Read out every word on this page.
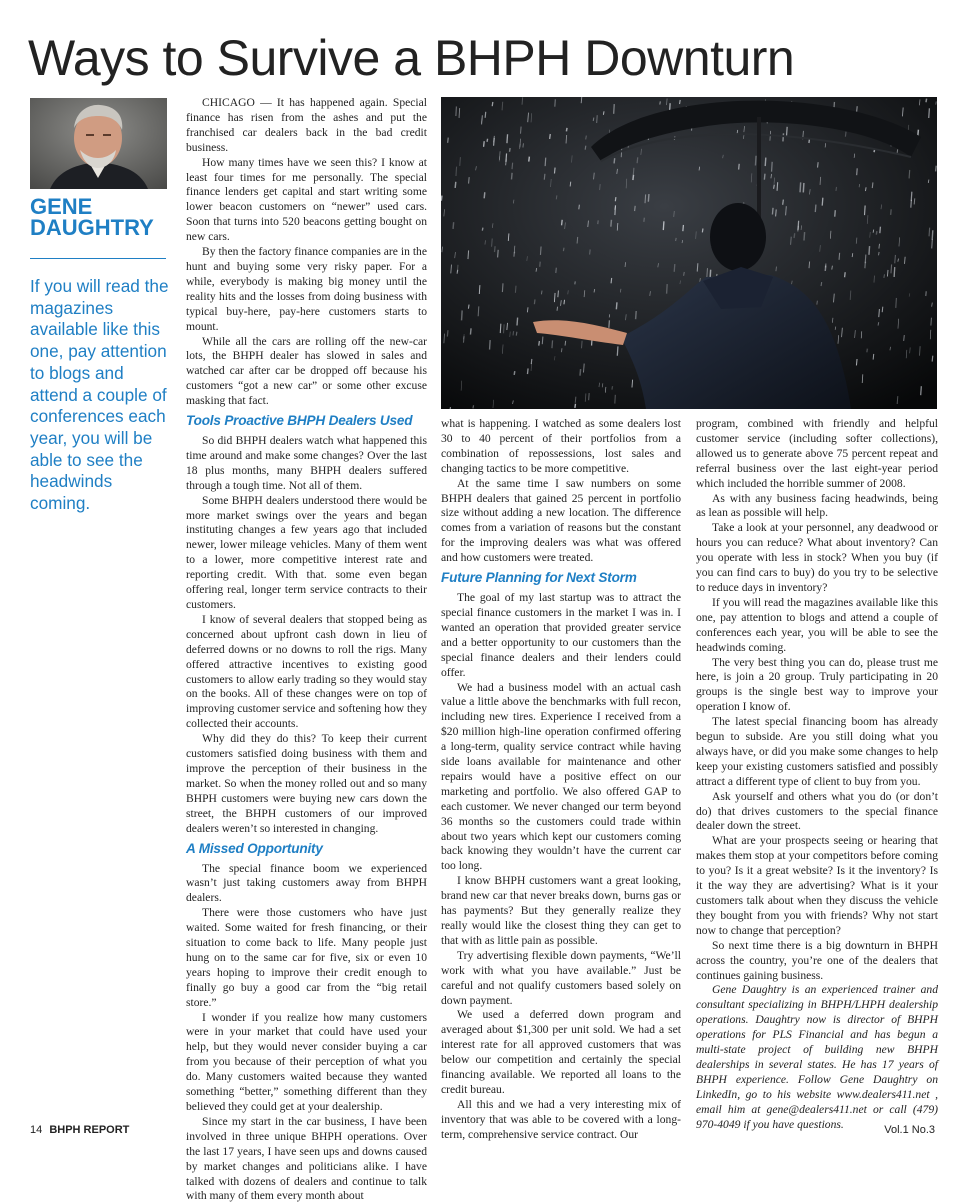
Ways to Survive a BHPH Downturn
GENE
DAUGHTRY
If you will read the magazines available like this one, pay attention to blogs and attend a couple of conferences each year, you will be able to see the headwinds coming.

CHICAGO — It has happened again. Special finance has risen from the ashes and put the franchised car dealers back in the bad credit business.

How many times have we seen this? I know at least four times for me personally. The special finance lenders get capital and start writing some lower beacon customers on “newer” used cars. Soon that turns into 520 beacons getting bought on new cars.

By then the factory finance companies are in the hunt and buying some very risky paper. For a while, everybody is making big money until the reality hits and the losses from doing business with typical buy-here, pay-here customers starts to mount.

While all the cars are rolling off the new-car lots, the BHPH dealer has slowed in sales and watched car after car be dropped off because his customers “got a new car” or some other excuse masking that fact.

Tools Proactive BHPH Dealers Used

So did BHPH dealers watch what happened this time around and make some changes? Over the last 18 plus months, many BHPH dealers suffered through a tough time. Not all of them.

Some BHPH dealers understood there would be more market swings over the years and began instituting changes a few years ago that included newer, lower mileage vehicles. Many of them went to a lower, more competitive interest rate and reporting credit. With that. some even began offering real, longer term service contracts to their customers.

I know of several dealers that stopped being as concerned about upfront cash down in lieu of deferred downs or no downs to roll the rigs. Many offered attractive incentives to existing good customers to allow early trading so they would stay on the books. All of these changes were on top of improving customer service and softening how they collected their accounts.

Why did they do this? To keep their current customers satisfied doing business with them and improve the perception of their business in the market. So when the money rolled out and so many BHPH customers were buying new cars down the street, the BHPH customers of our improved dealers weren’t so interested in changing.

A Missed Opportunity

The special finance boom we experienced wasn’t just taking customers away from BHPH dealers.

There were those customers who have just waited. Some waited for fresh financing, or their situation to come back to life. Many people just hung on to the same car for five, six or even 10 years hoping to improve their credit enough to finally go buy a good car from the “big retail store.”

I wonder if you realize how many customers were in your market that could have used your help, but they would never consider buying a car from you because of their perception of what you do. Many customers waited because they wanted something “better,” something different than they believed they could get at your dealership.

Since my start in the car business, I have been involved in three unique BHPH operations. Over the last 17 years, I have seen ups and downs caused by market changes and politicians alike. I have talked with dozens of dealers and continue to talk with many of them every month about

what is happening. I watched as some dealers lost 30 to 40 percent of their portfolios from a combination of repossessions, lost sales and changing tactics to be more competitive.

At the same time I saw numbers on some BHPH dealers that gained 25 percent in portfolio size without adding a new location. The difference comes from a variation of reasons but the constant for the improving dealers was what was offered and how customers were treated.

Future Planning for Next Storm

The goal of my last startup was to attract the special finance customers in the market I was in. I wanted an operation that provided greater service and a better opportunity to our customers than the special finance dealers and their lenders could offer.

We had a business model with an actual cash value a little above the benchmarks with full recon, including new tires. Experience I received from a $20 million high-line operation confirmed offering a long-term, quality service contract while having side loans available for maintenance and other repairs would have a positive effect on our marketing and portfolio. We also offered GAP to each customer. We never changed our term beyond 36 months so the customers could trade within about two years which kept our customers coming back knowing they wouldn’t have the current car too long.

I know BHPH customers want a great looking, brand new car that never breaks down, burns gas or has payments? But they generally realize they really would like the closest thing they can get to that with as little pain as possible.

Try advertising flexible down payments, “We’ll work with what you have available.” Just be careful and not qualify customers based solely on down payment.

We used a deferred down program and averaged about $1,300 per unit sold. We had a set interest rate for all approved customers that was below our competition and certainly the special financing available. We reported all loans to the credit bureau.

All this and we had a very interesting mix of inventory that was able to be covered with a long-term, comprehensive service contract. Our

program, combined with friendly and helpful customer service (including softer collections), allowed us to generate above 75 percent repeat and referral business over the last eight-year period which included the horrible summer of 2008.

As with any business facing headwinds, being as lean as possible will help.

Take a look at your personnel, any deadwood or hours you can reduce? What about inventory? Can you operate with less in stock? When you buy (if you can find cars to buy) do you try to be selective to reduce days in inventory?

If you will read the magazines available like this one, pay attention to blogs and attend a couple of conferences each year, you will be able to see the headwinds coming.

The very best thing you can do, please trust me here, is join a 20 group. Truly participating in 20 groups is the single best way to improve your operation I know of.

The latest special financing boom has already begun to subside. Are you still doing what you always have, or did you make some changes to help keep your existing customers satisfied and possibly attract a different type of client to buy from you.

Ask yourself and others what you do (or don’t do) that drives customers to the special finance dealer down the street.

What are your prospects seeing or hearing that makes them stop at your competitors before coming to you? Is it a great website? Is it the inventory? Is it the way they are advertising? What is it your customers talk about when they discuss the vehicle they bought from you with friends? Why not start now to change that perception?

So next time there is a big downturn in BHPH across the country, you’re one of the dealers that continues gaining business.

Gene Daughtry is an experienced trainer and consultant specializing in BHPH/LHPH dealership operations. Daughtry now is director of BHPH operations for PLS Financial and has begun a multi-state project of building new BHPH dealerships in several states. He has 17 years of BHPH experience. Follow Gene Daughtry on LinkedIn, go to his website www.dealers411.net , email him at gene@dealers411.net or call (479) 970-4049 if you have questions.

14 BHPH REPORT	Vol.1 No.3
